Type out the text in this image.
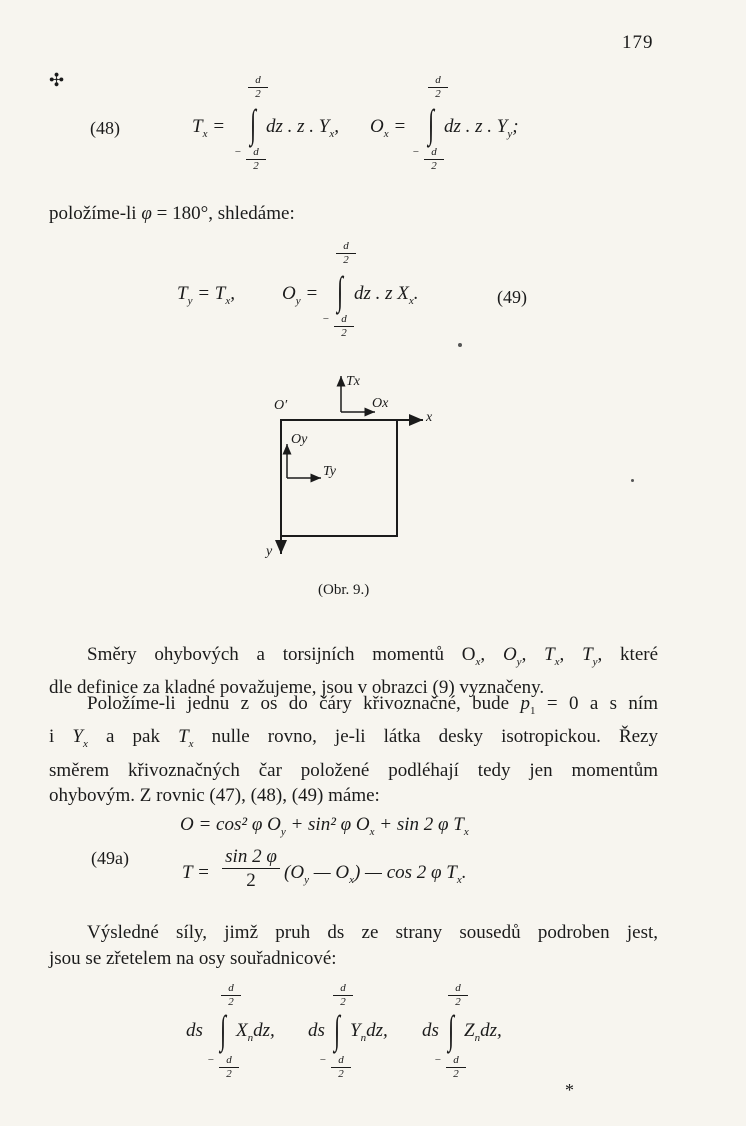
179
✣
(48)	$T_x$ =
d
2
∫
− d
2
dz . z . $Y_x$, $O_x$ =
d
2
∫
− d
2
dz . z . $Y_y$;
položíme-li φ = 180°, shledáme:
$T_y = T_x$, $O_y$ =
d
2
∫
− d
2
dz . z $X_x$.	(49)
O′
Tx
Ox
x
Oy
Ty
y
(Obr. 9.)
Směry ohybových a torsijních momentů $O_x$, $O_y$, $T_x$, $T_y$, které
dle definice za kladné považujeme, jsou v obrazci (9) vyznačeny.
Položíme-li jednu z os do čáry křivoznačné, bude $p_1 = 0$ a s ním
i $Y_x$ a pak $T_x$ nulle rovno, je-li látka desky isotropickou. Řezy
směrem křivoznačných čar položené podléhají tedy jen momentům
ohybovým. Z rovnic (47), (48), (49) máme:
O = cos² φ $O_y + \sin^2$ φ $O_x + \sin 2$ φ $T_x$
(49a)
T =
sin 2 φ
2	($O_y$ — $O_x$) — cos 2 φ $T_x$.
Výsledné síly, jimž pruh ds ze strany sousedů podroben jest,
jsou se zřetelem na osy souřadnicové:
ds
d
2
∫
− d
2
$X_ndz$, ds
d
2
∫
− d
2
$Y_ndz$, ds
d
2
∫
− d
2
$Z_ndz$,
*
